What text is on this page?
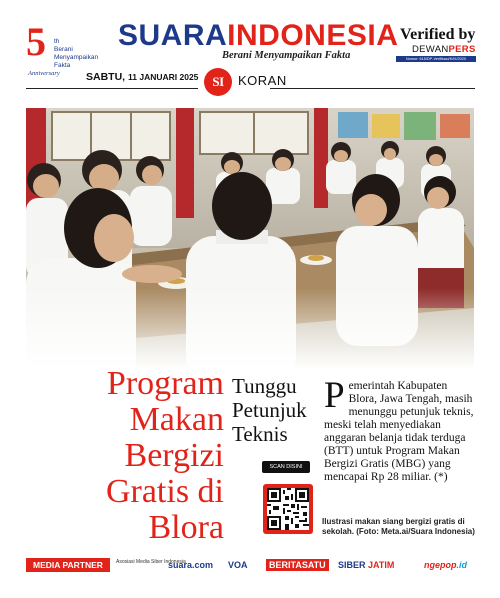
5 th
Berani
Menyampaikan
Fakta
Anniversary
SUARAINDONESIA
Berani Menyampaikan Fakta
Verified by
DEWANPERS
Nomor: 615/DP-Verifikasi/K/III/2020
SABTU, 11 JANUARI 2025	SI	KORAN
Program
Makan
Bergizi
Gratis di
Blora
Tunggu
Petunjuk
Teknis
SCAN DISINI
Pemerintah Kabupaten Blora, Jawa Tengah, masih menunggu petunjuk teknis, meski telah menyediakan anggaran belanja tidak terduga (BTT) untuk Program Makan Bergizi Gratis (MBG) yang mencapai Rp 28 miliar. (*)
Ilustrasi makan siang bergizi gratis di sekolah. (Foto: Meta.ai/Suara Indonesia)
MEDIA PARTNER	Asosiasi Media Siber Indonesia
suara.com VOA	BERITASATU	SIBER JATIM	ngepop.id
